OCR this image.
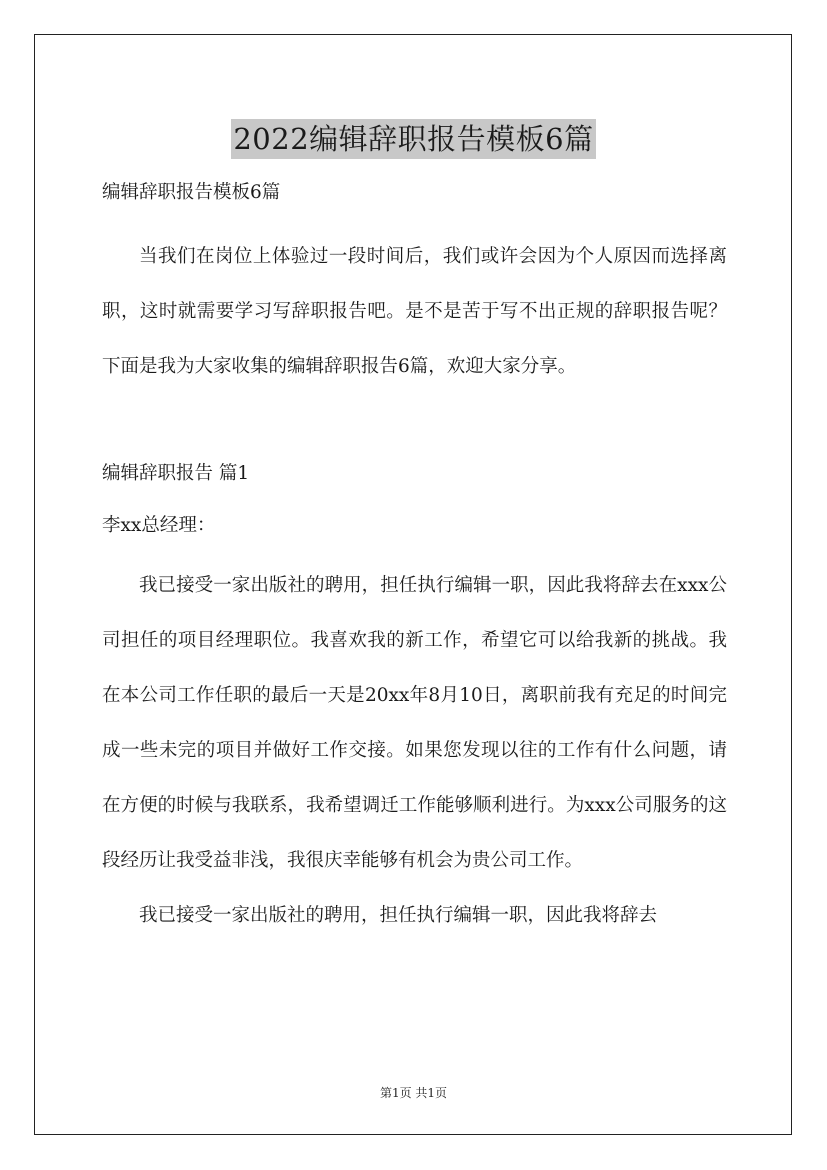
2022编辑辞职报告模板6篇

编辑辞职报告模板6篇

当我们在岗位上体验过一段时间后，我们或许会因为个人原因而选择离职，这时就需要学习写辞职报告吧。是不是苦于写不出正规的辞职报告呢？下面是我为大家收集的编辑辞职报告6篇，欢迎大家分享。

编辑辞职报告 篇1

李xx总经理：

我已接受一家出版社的聘用，担任执行编辑一职，因此我将辞去在xxx公司担任的项目经理职位。我喜欢我的新工作，希望它可以给我新的挑战。我在本公司工作任职的最后一天是20xx年8月10日，离职前我有充足的时间完成一些未完的项目并做好工作交接。如果您发现以往的工作有什么问题，请在方便的时候与我联系，我希望调迁工作能够顺利进行。为xxx公司服务的这段经历让我受益非浅，我很庆幸能够有机会为贵公司工作。

我已接受一家出版社的聘用，担任执行编辑一职，因此我将辞去

第1页 共1页
